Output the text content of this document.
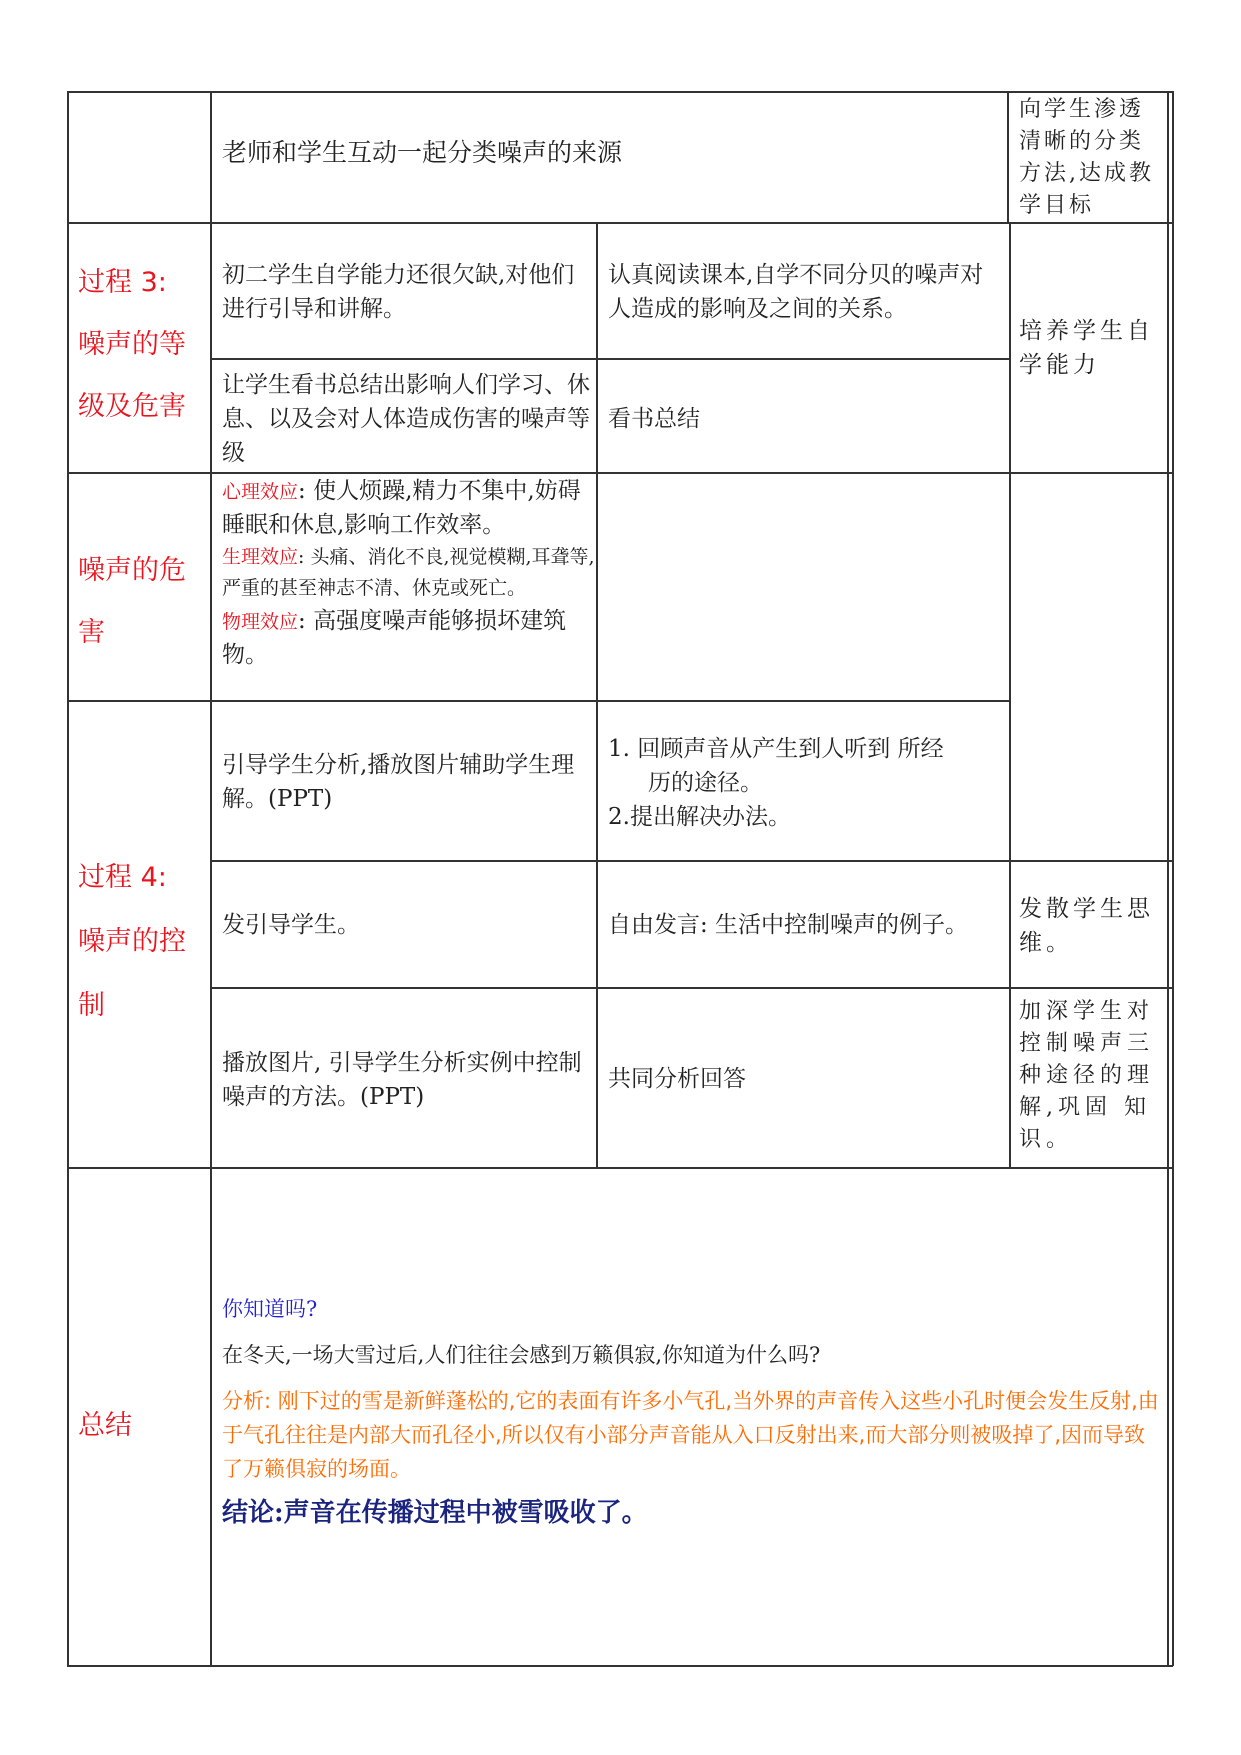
老师和学生互动一起分类噪声的来源

向学生渗透清晰的分类方法,达成教学目标

过程 3:

噪声的等

级及危害

初二学生自学能力还很欠缺,对他们进行引导和讲解。

认真阅读课本,自学不同分贝的噪声对人造成的影响及之间的关系。

让学生看书总结出影响人们学习、休息、以及会对人体造成伤害的噪声等级

看书总结

培养学生自学能力

噪声的危

害

心理效应: 使人烦躁,精力不集中,妨碍 睡眠和休息,影响工作效率。

生理效应: 头痛、消化不良,视觉模糊,耳聋等,严重的甚至神志不清、休克或死亡。

物理效应: 高强度噪声能够损坏建筑物。

过程 4:

噪声的控

制

引导学生分析,播放图片辅助学生理解。(PPT)

1. 回顾声音从产生到人听到 所经

历的途径。

2.提出解决办法。

发引导学生。	自由发言: 生活中控制噪声的例子。

发散学生思维。

播放图片, 引导学生分析实例中控制噪声的方法。(PPT)

共同分析回答

加深学生对控制噪声三种途径的理解,巩固 知识。

总结

你知道吗?

在冬天,一场大雪过后,人们往往会感到万籁俱寂,你知道为什么吗?

分析: 刚下过的雪是新鲜蓬松的,它的表面有许多小气孔,当外界的声音传入这些小孔时便会发生反射,由于气孔往往是内部大而孔径小,所以仅有小部分声音能从入口反射出来,而大部分则被吸掉了,因而导致了万籁俱寂的场面。

结论:声音在传播过程中被雪吸收了。
